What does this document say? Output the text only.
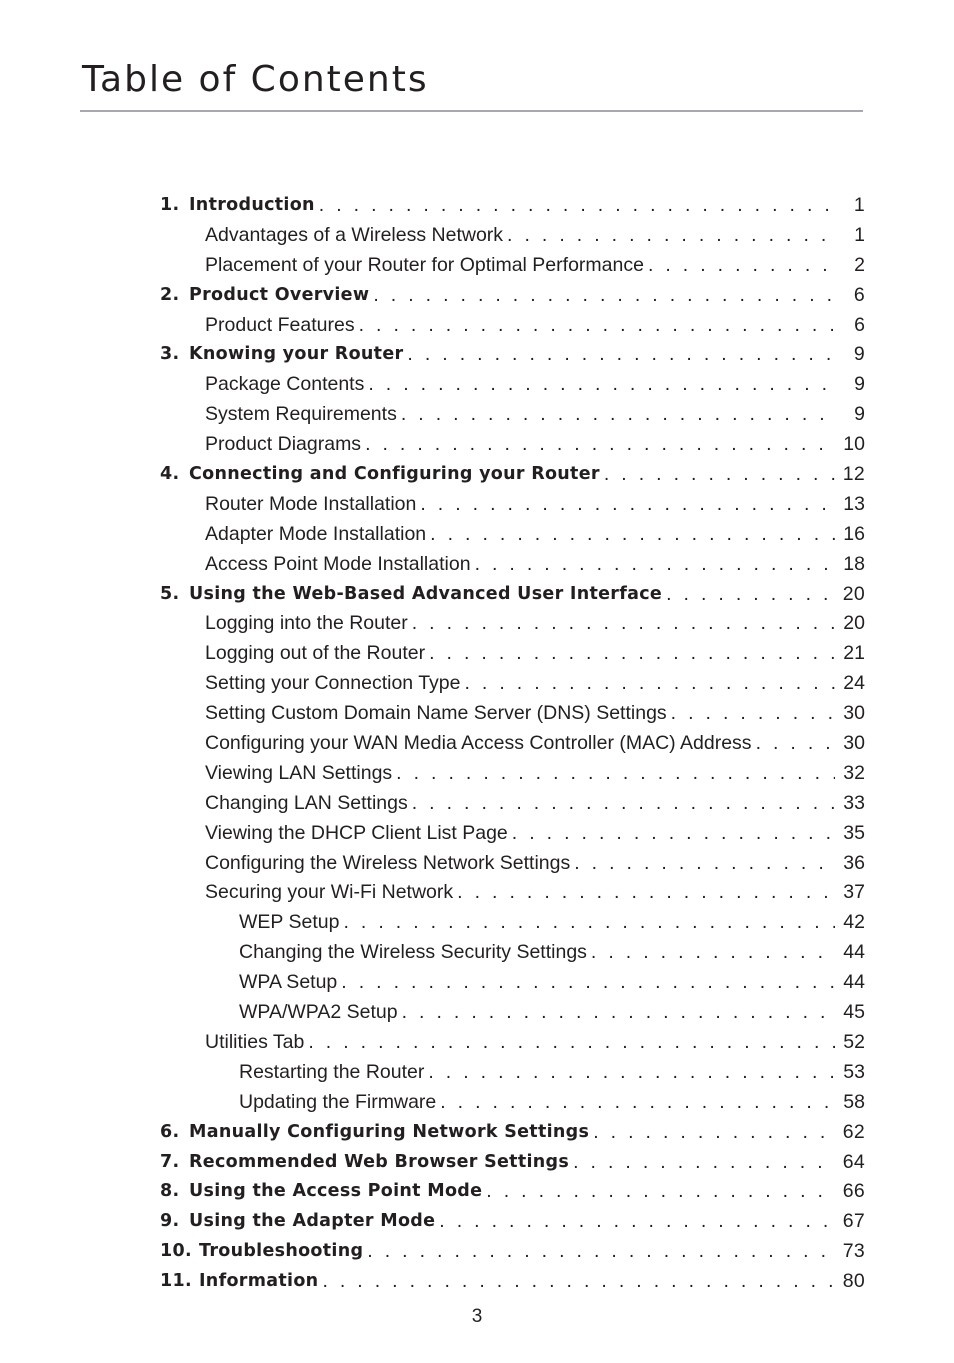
Table of Contents
1. Introduction . . .	1
Advantages of a Wireless Network . . .	1
Placement of your Router for Optimal Performance . . .	2
2. Product Overview . . .	6
Product Features . . .	6
3. Knowing your Router . . .	9
Package Contents . . .	9
System Requirements . . .	9
Product Diagrams . . .	10
4. Connecting and Configuring your Router . . .	12
Router Mode Installation . . .	13
Adapter Mode Installation . . .	16
Access Point Mode Installation . . .	18
5. Using the Web-Based Advanced User Interface . . .	20
Logging into the Router . . .	20
Logging out of the Router . . .	21
Setting your Connection Type . . .	24
Setting Custom Domain Name Server (DNS) Settings . . .	30
Configuring your WAN Media Access Controller (MAC) Address . . .	30
Viewing LAN Settings . . .	32
Changing LAN Settings . . .	33
Viewing the DHCP Client List Page . . .	35
Configuring the Wireless Network Settings . . .	36
Securing your Wi-Fi Network . . .	37
WEP Setup . . .	42
Changing the Wireless Security Settings . . .	44
WPA Setup . . .	44
WPA/WPA2 Setup . . .	45
Utilities Tab . . .	52
Restarting the Router . . .	53
Updating the Firmware . . .	58
6. Manually Configuring Network Settings . . .	62
7. Recommended Web Browser Settings . . .	64
8. Using the Access Point Mode . . .	66
9. Using the Adapter Mode . . .	67
10. Troubleshooting . . .	73
11. Information . . .	80
3
